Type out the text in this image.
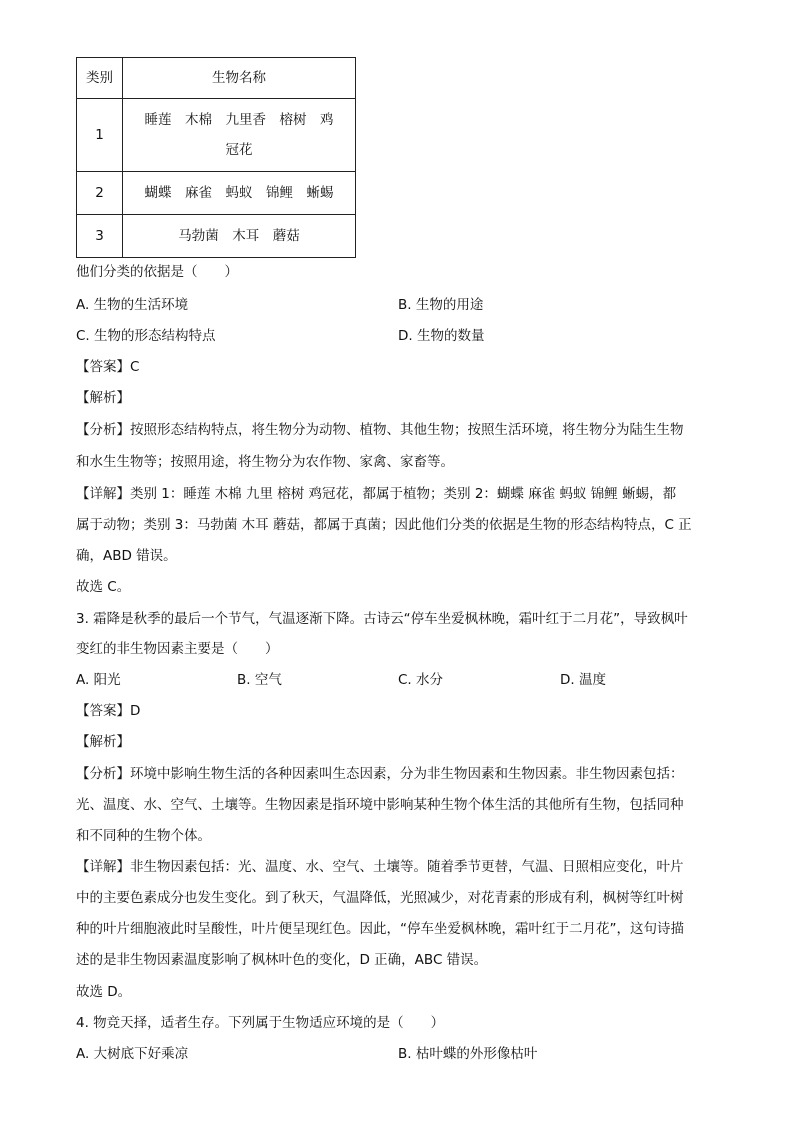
类别	生物名称
1	睡莲　木棉　九里香　榕树　鸡
冠花

2	蝴蝶　麻雀　蚂蚁　锦鲤　蜥蜴
3	马勃菌　木耳　蘑菇
他们分类的依据是（　　）
A. 生物的生活环境	B. 生物的用途
C. 生物的形态结构特点	D. 生物的数量
【答案】C
【解析】
【分析】按照形态结构特点，将生物分为动物、植物、其他生物；按照生活环境，将生物分为陆生生物
和水生生物等；按照用途，将生物分为农作物、家禽、家畜等。
【详解】类别 1：睡莲 木棉 九里 榕树 鸡冠花，都属于植物；类别 2：蝴蝶 麻雀 蚂蚁 锦鲤 蜥蜴，都
属于动物；类别 3：马勃菌 木耳 蘑菇，都属于真菌；因此他们分类的依据是生物的形态结构特点，C 正
确，ABD 错误。
故选 C。
3. 霜降是秋季的最后一个节气，气温逐渐下降。古诗云“停车坐爱枫林晚，霜叶红于二月花”，导致枫叶
变红的非生物因素主要是（　　）
A. 阳光	B. 空气	C. 水分	D. 温度
【答案】D
【解析】
【分析】环境中影响生物生活的各种因素叫生态因素，分为非生物因素和生物因素。非生物因素包括：
光、温度、水、空气、土壤等。生物因素是指环境中影响某种生物个体生活的其他所有生物，包括同种
和不同种的生物个体。
【详解】非生物因素包括：光、温度、水、空气、土壤等。随着季节更替，气温、日照相应变化，叶片
中的主要色素成分也发生变化。到了秋天，气温降低，光照减少，对花青素的形成有利，枫树等红叶树
种的叶片细胞液此时呈酸性，叶片便呈现红色。因此，“停车坐爱枫林晚，霜叶红于二月花”，这句诗描
述的是非生物因素温度影响了枫林叶色的变化，D 正确，ABC 错误。
故选 D。
4. 物竞天择，适者生存。下列属于生物适应环境的是（　　）
A. 大树底下好乘凉	B. 枯叶蝶的外形像枯叶
